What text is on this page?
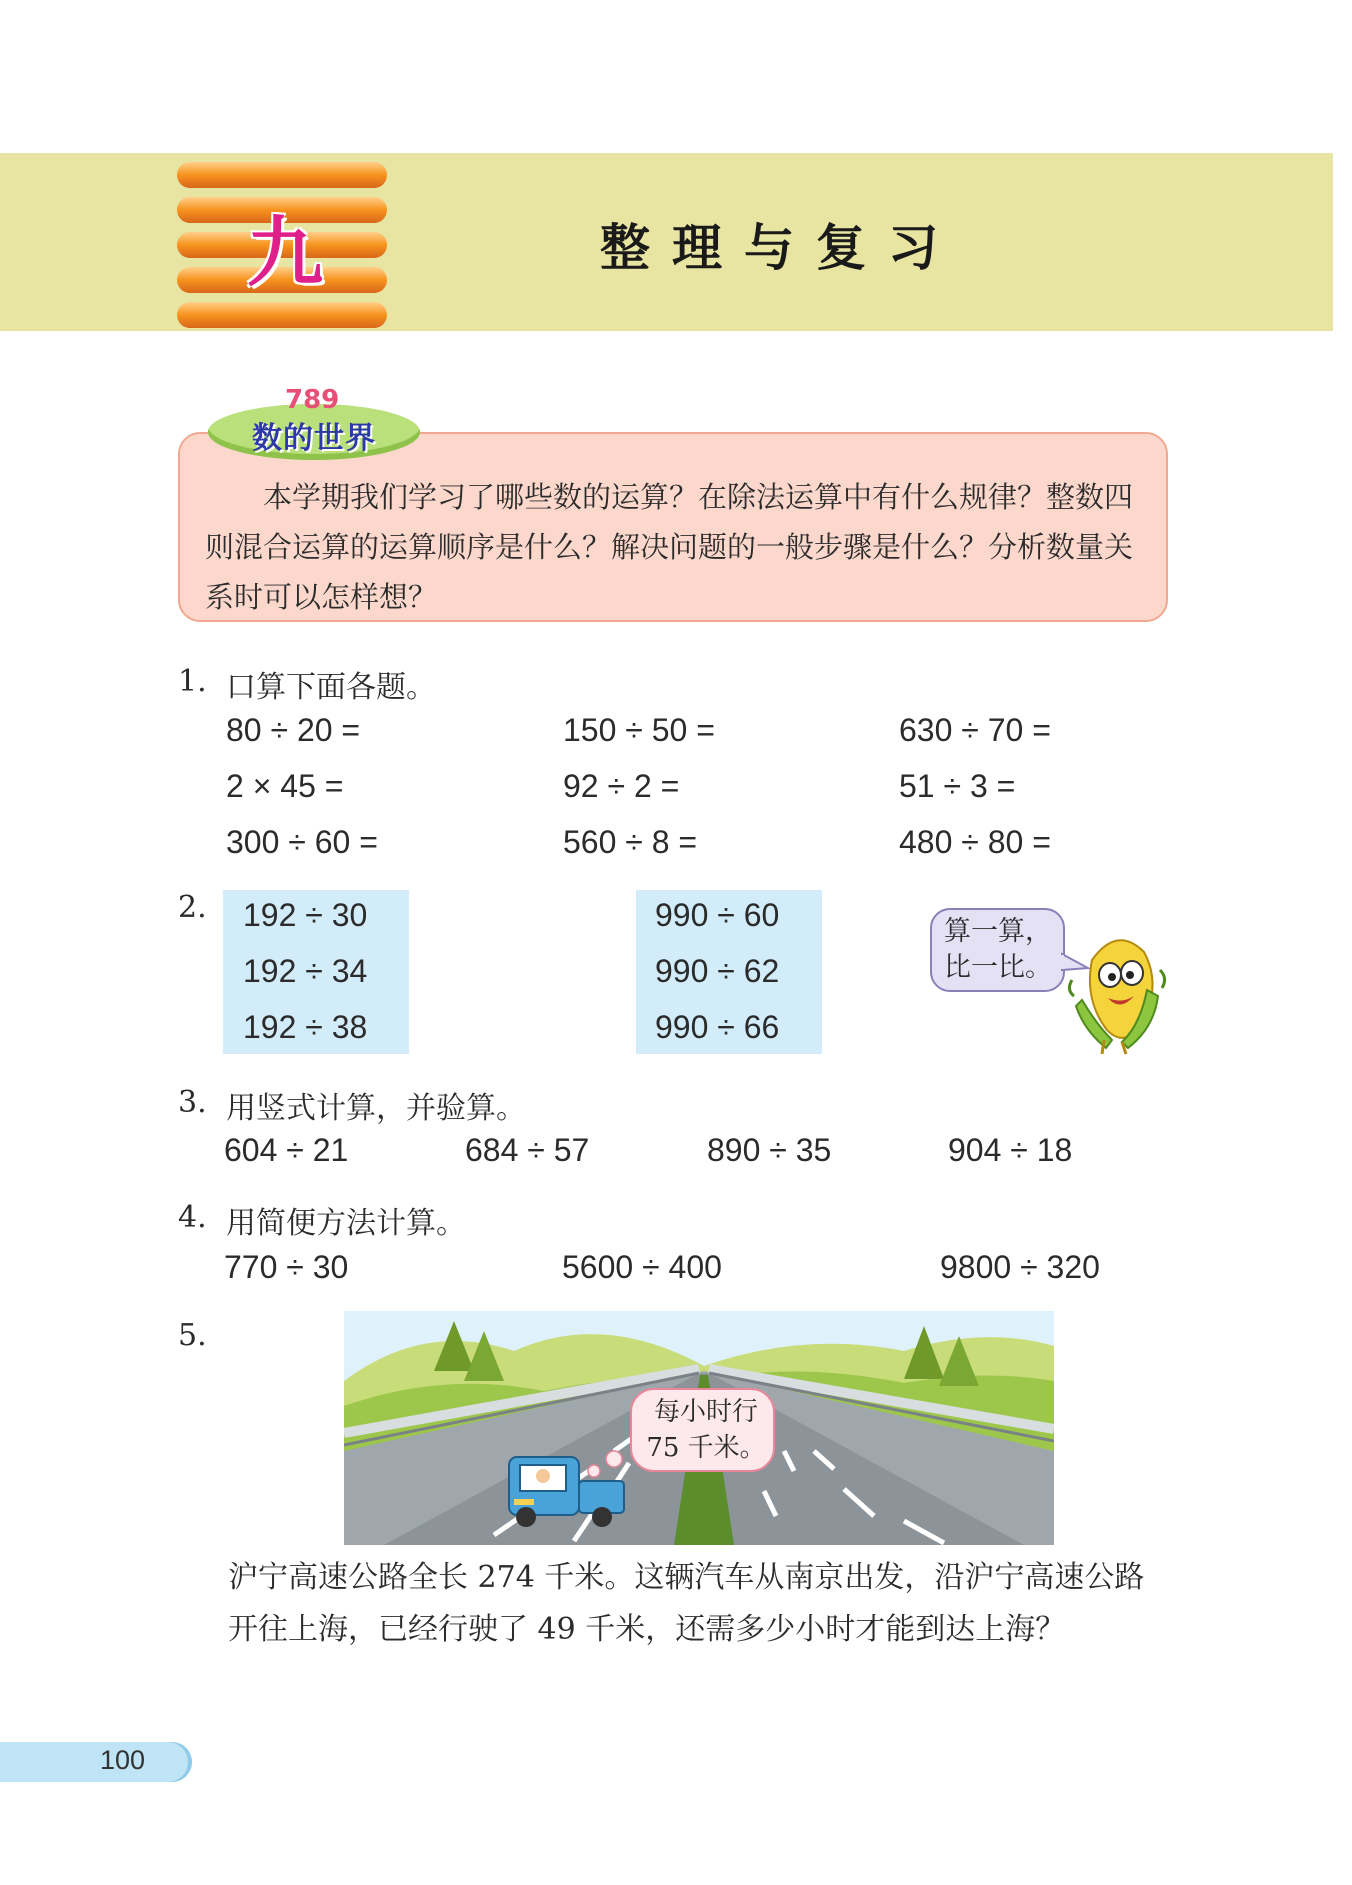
九	整理与复习
789
数的世界
本学期我们学习了哪些数的运算？在除法运算中有什么规律？整数四则混合运算的运算顺序是什么？解决问题的一般步骤是什么？分析数量关系时可以怎样想？
1. 口算下面各题。
80 ÷ 20 =	150 ÷ 50 =	630 ÷ 70 =
2 × 45 =	92 ÷ 2 =	51 ÷ 3 =
300 ÷ 60 =	560 ÷ 8 =	480 ÷ 80 =
2. 192 ÷ 30
192 ÷ 34
192 ÷ 38
990 ÷ 60
990 ÷ 62
990 ÷ 66
算一算，
比一比。
3. 用竖式计算，并验算。
604 ÷ 21	684 ÷ 57	890 ÷ 35	904 ÷ 18
4. 用简便方法计算。
770 ÷ 30	5600 ÷ 400	9800 ÷ 320
5.
每小时行
75 千米。
沪宁高速公路全长 274 千米。这辆汽车从南京出发，沿沪宁高速公路开往上海，已经行驶了 49 千米，还需多少小时才能到达上海？
100
